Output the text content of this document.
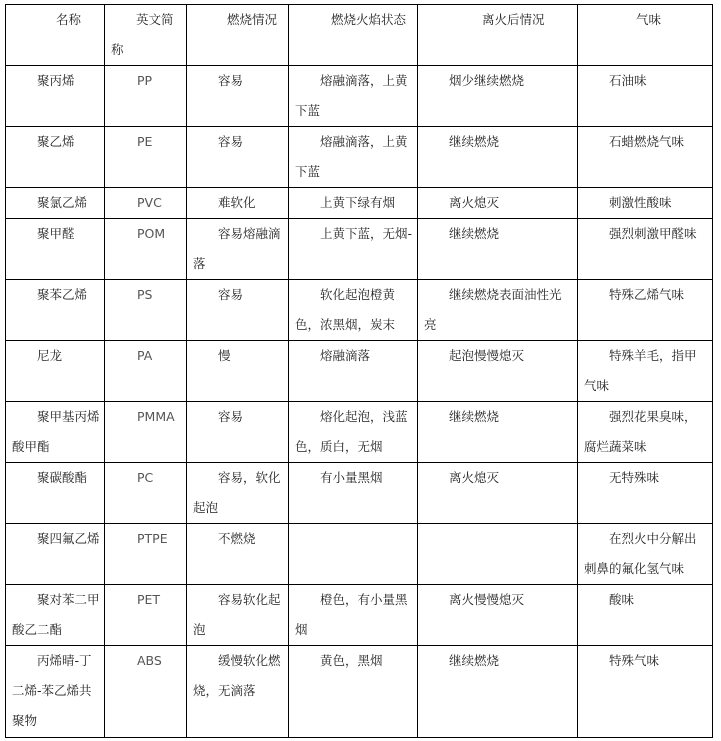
名称	英文简称	燃烧情况	燃烧火焰状态	离火后情况	气味
聚丙烯	PP	容易	熔融滴落，上黄下蓝	烟少继续燃烧	石油味
聚乙烯	PE	容易	熔融滴落，上黄下蓝	继续燃烧	石蜡燃烧气味
聚氯乙烯	PVC	难软化	上黄下绿有烟	离火熄灭	刺激性酸味
聚甲醛	POM	容易熔融滴落	上黄下蓝，无烟-	继续燃烧	强烈刺激甲醛味
聚苯乙烯	PS	容易	软化起泡橙黄色，浓黑烟，炭末	继续燃烧表面油性光亮	特殊乙烯气味
尼龙	PA	慢	熔融滴落	起泡慢慢熄灭	特殊羊毛，指甲气味
聚甲基丙烯酸甲酯	PMMA	容易	熔化起泡，浅蓝色，质白，无烟	继续燃烧	强烈花果臭味，腐烂蔬菜味
聚碳酸酯	PC	容易，软化起泡	有小量黑烟	离火熄灭	无特殊味
聚四氟乙烯	PTPE	不燃烧			在烈火中分解出刺鼻的氟化氢气味
聚对苯二甲酸乙二酯	PET	容易软化起泡	橙色，有小量黑烟	离火慢慢熄灭	酸味
丙烯晴-丁二烯-苯乙烯共聚物	ABS	缓慢软化燃烧，无滴落	黄色，黑烟	继续燃烧	特殊气味
